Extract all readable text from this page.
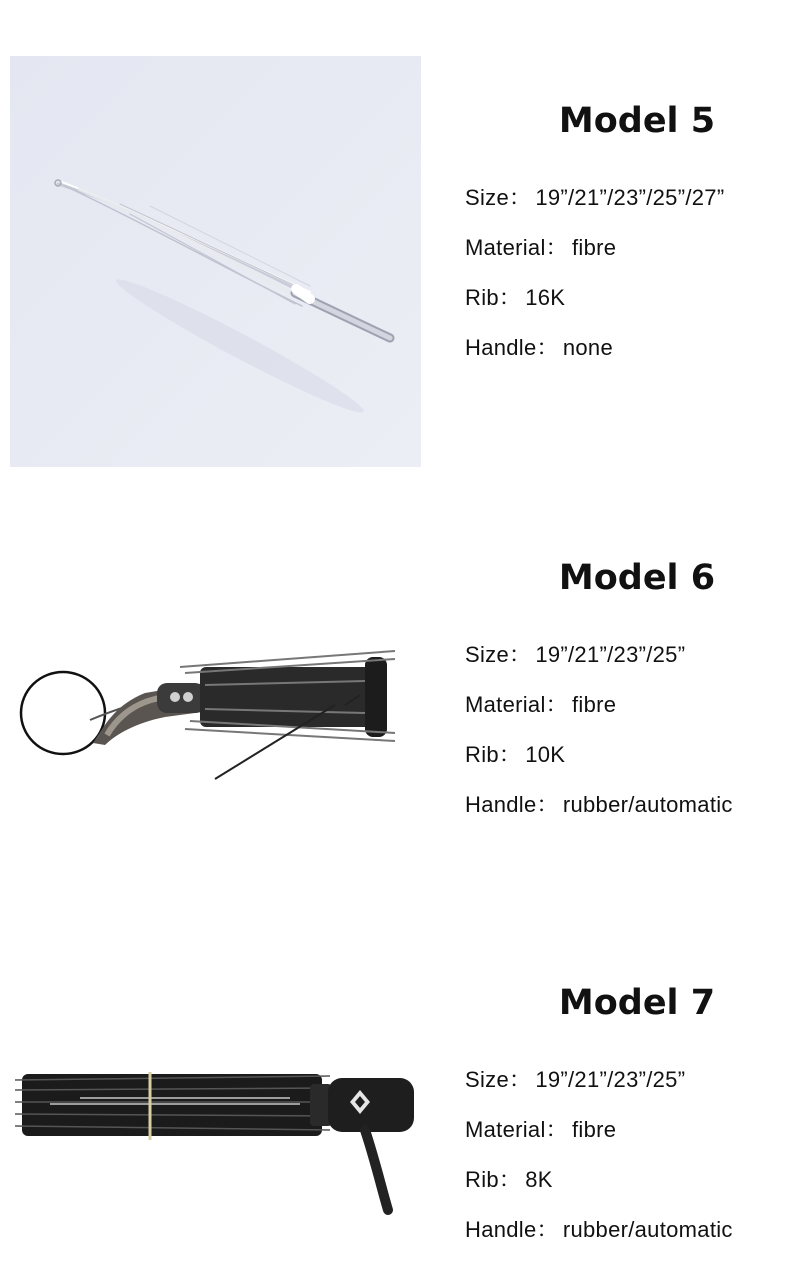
Model 5
Size ： 19”/21”/23”/25”/27”
Material ： fibre
Rib ： 16K
Handle ： none
Model 6
Size ： 19”/21”/23”/25”
Material ： fibre
Rib ： 10K
Handle ： rubber/automatic
Model 7
Size ： 19”/21”/23”/25”
Material ： fibre
Rib ： 8K
Handle ： rubber/automatic
